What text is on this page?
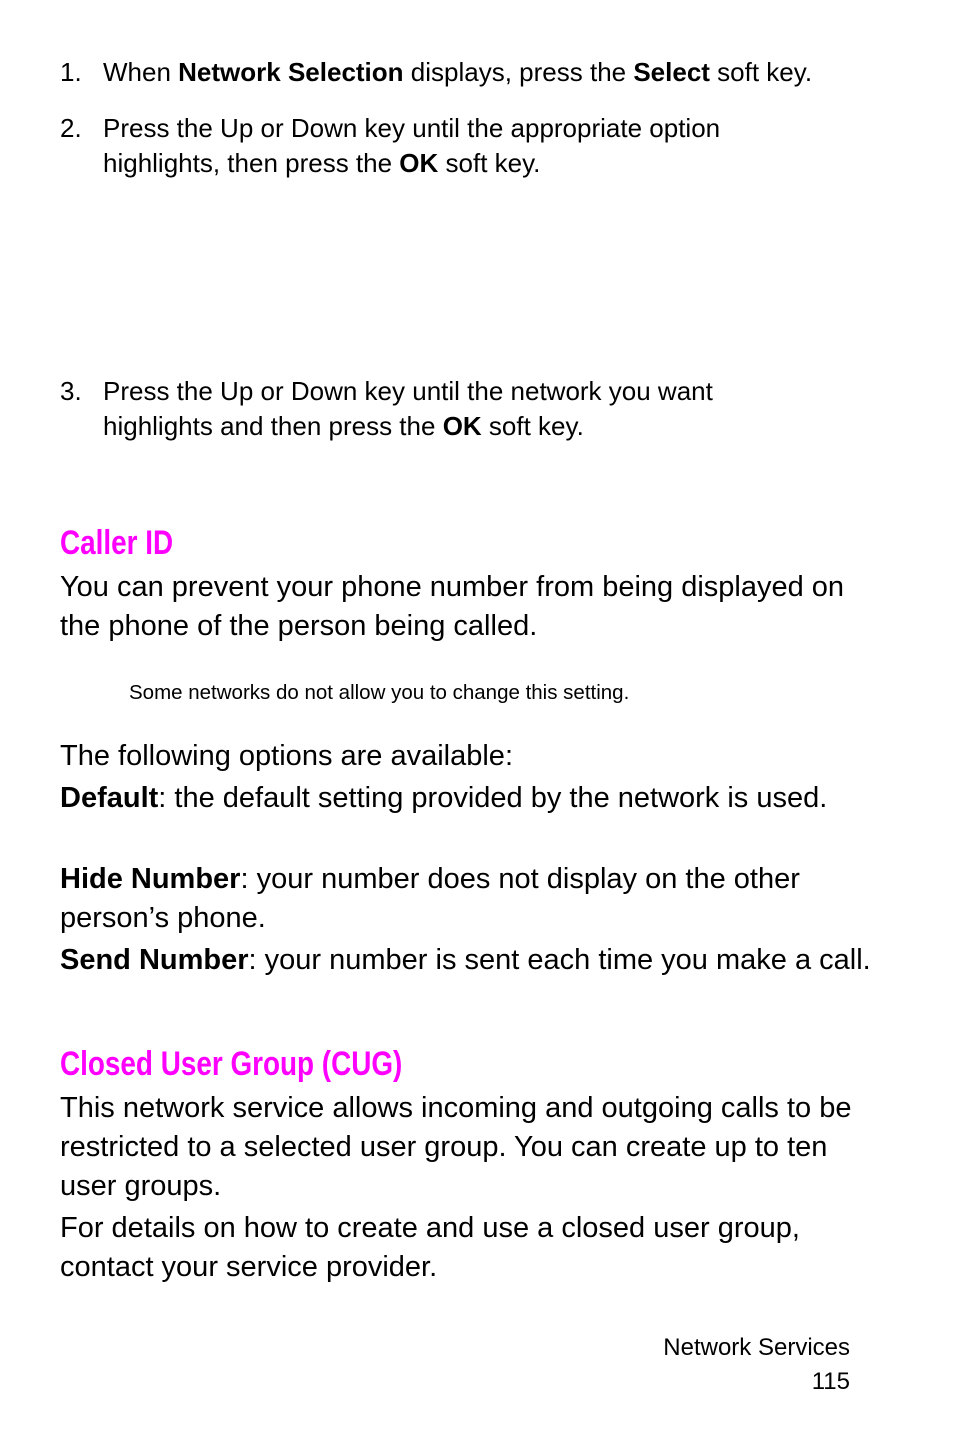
1. When Network Selection displays, press the Select soft key.
2. Press the Up or Down key until the appropriate option highlights, then press the OK soft key.
3. Press the Up or Down key until the network you want highlights and then press the OK soft key.
Caller ID
You can prevent your phone number from being displayed on the phone of the person being called.
Some networks do not allow you to change this setting.
The following options are available:
Default: the default setting provided by the network is used.
Hide Number: your number does not display on the other person’s phone.
Send Number: your number is sent each time you make a call.
Closed User Group (CUG)
This network service allows incoming and outgoing calls to be restricted to a selected user group. You can create up to ten user groups.
For details on how to create and use a closed user group, contact your service provider.
Network Services
115
